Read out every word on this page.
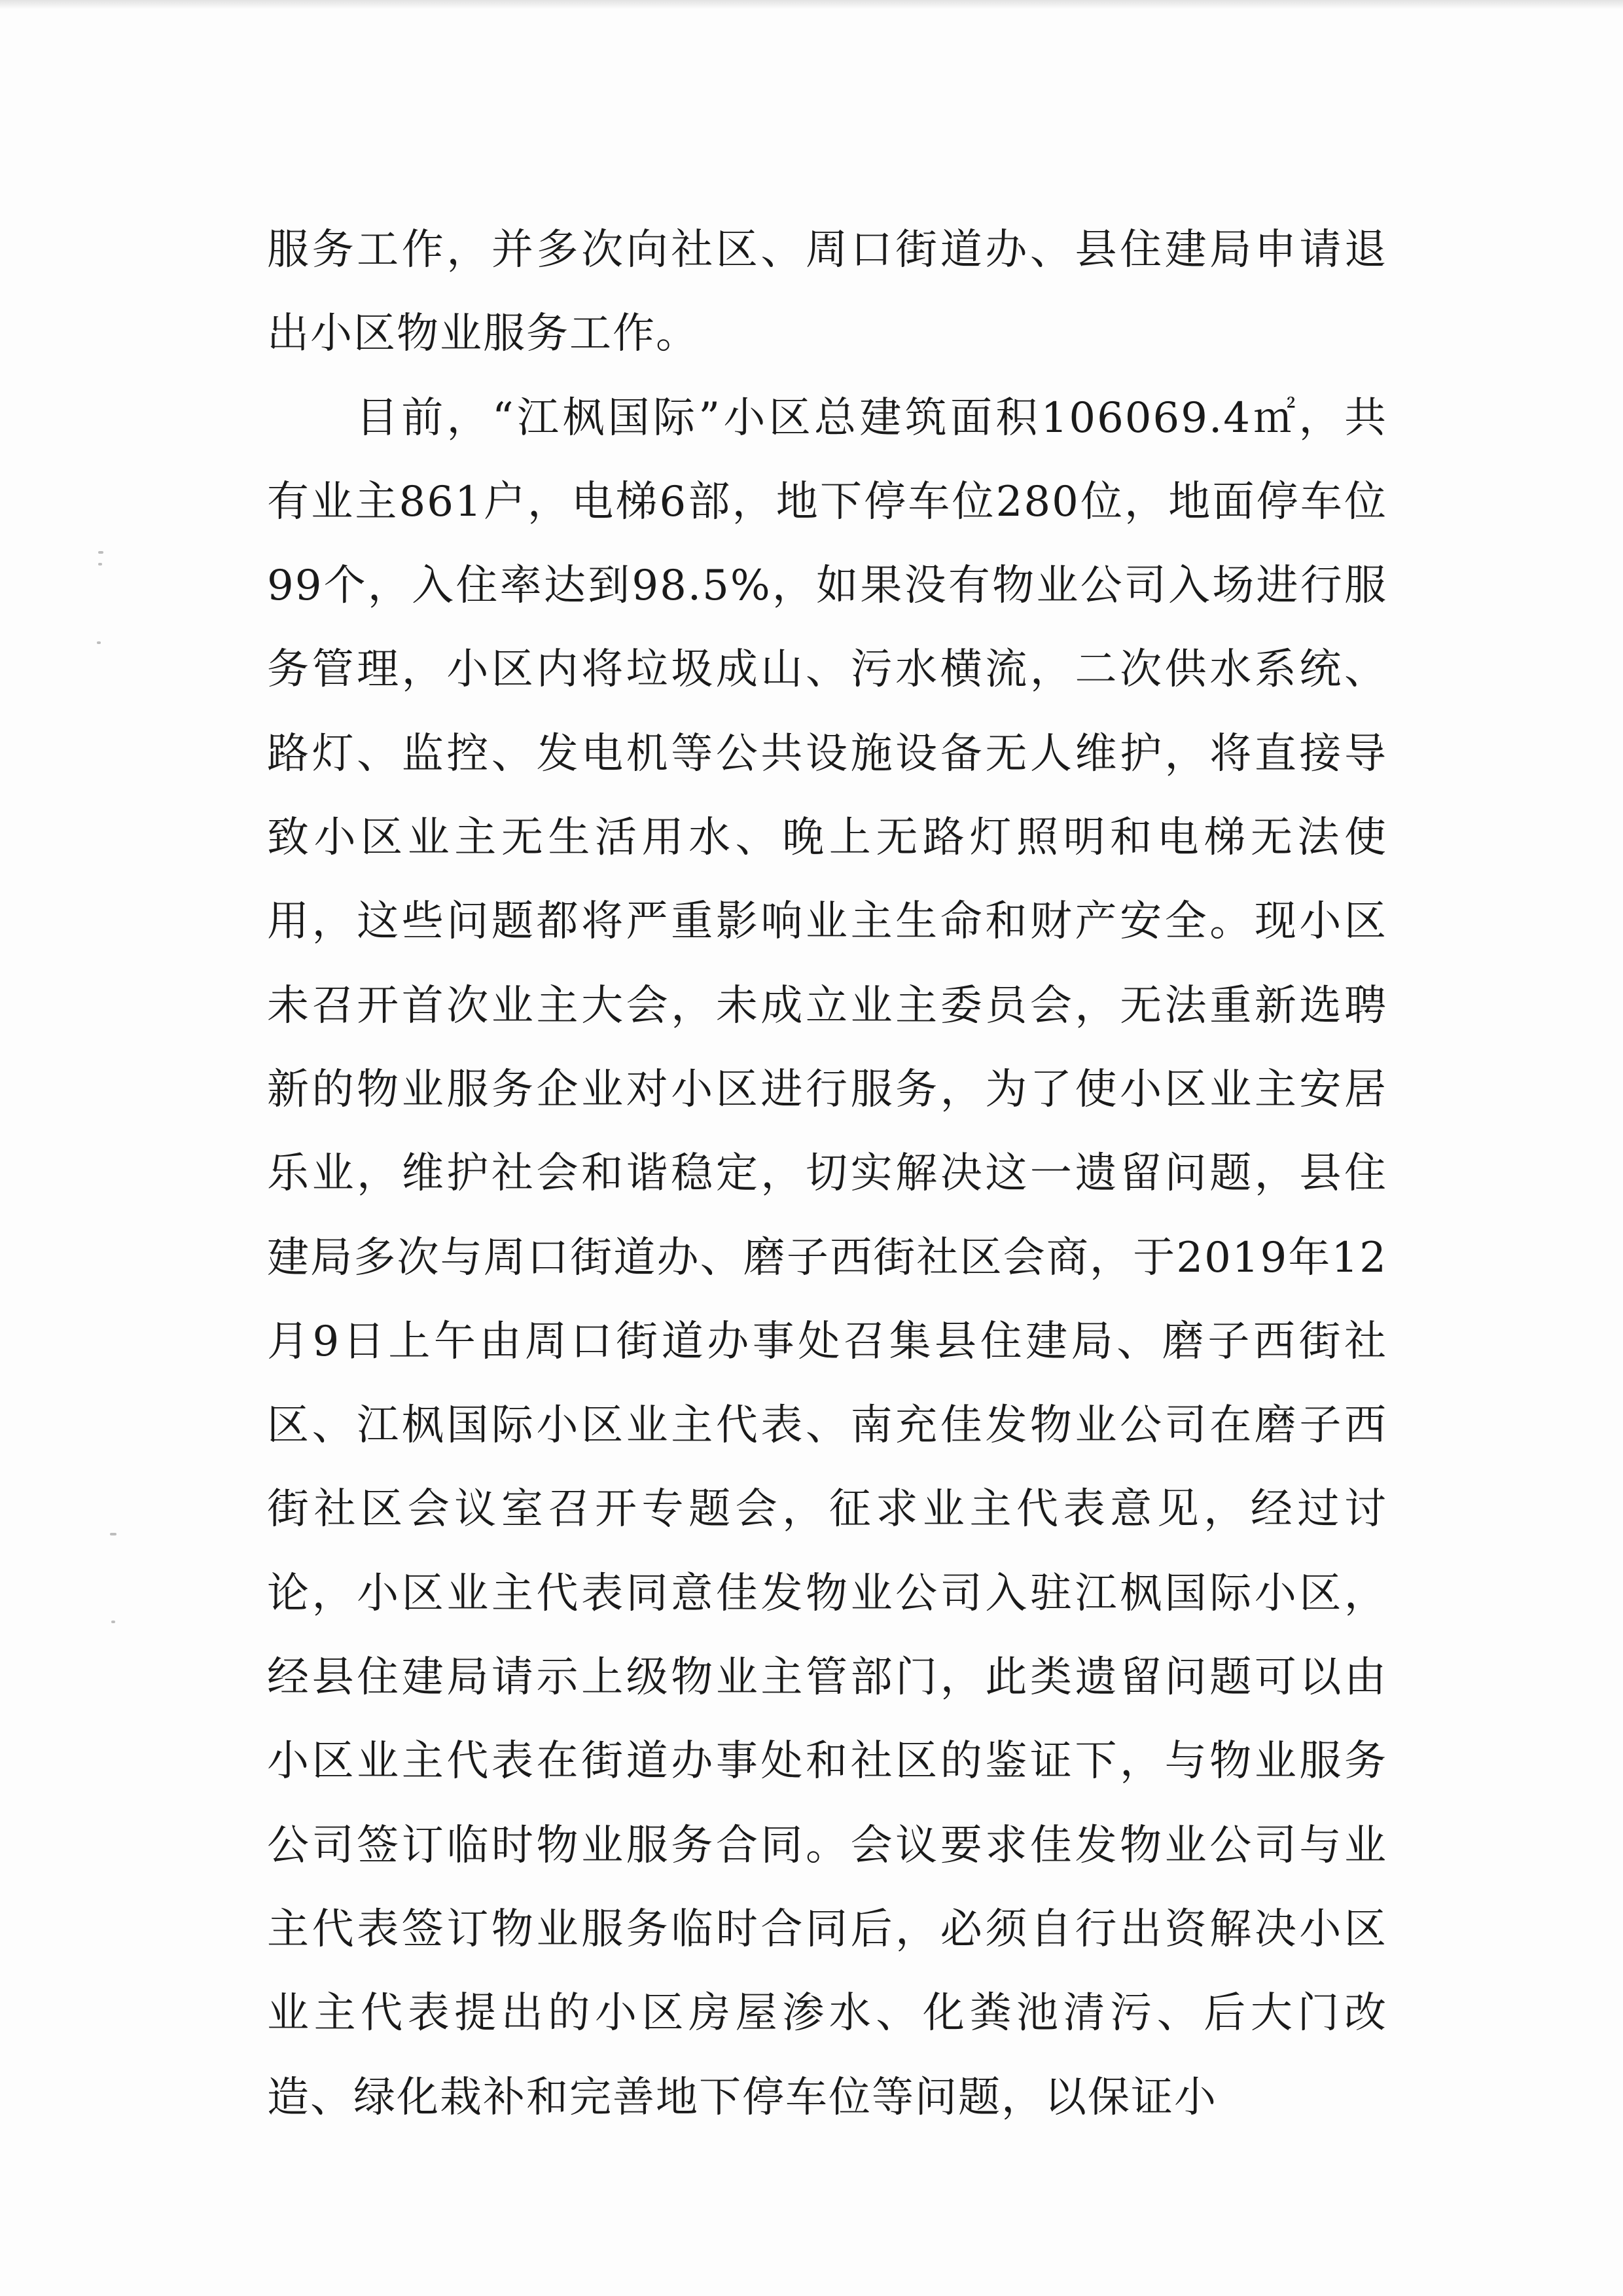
服务工作，并多次向社区、周口街道办、县住建局申请退出小区物业服务工作。

目前，“江枫国际”小区总建筑面积106069.4㎡，共有业主861户，电梯6部，地下停车位280位，地面停车位99个，入住率达到98.5%，如果没有物业公司入场进行服务管理，小区内将垃圾成山、污水横流，二次供水系统、路灯、监控、发电机等公共设施设备无人维护，将直接导致小区业主无生活用水、晚上无路灯照明和电梯无法使用，这些问题都将严重影响业主生命和财产安全。现小区未召开首次业主大会，未成立业主委员会，无法重新选聘新的物业服务企业对小区进行服务，为了使小区业主安居乐业，维护社会和谐稳定，切实解决这一遗留问题，县住建局多次与周口街道办、磨子西街社区会商，于2019年12月9日上午由周口街道办事处召集县住建局、磨子西街社区、江枫国际小区业主代表、南充佳发物业公司在磨子西街社区会议室召开专题会，征求业主代表意见，经过讨论，小区业主代表同意佳发物业公司入驻江枫国际小区，经县住建局请示上级物业主管部门，此类遗留问题可以由小区业主代表在街道办事处和社区的鉴证下，与物业服务公司签订临时物业服务合同。会议要求佳发物业公司与业主代表签订物业服务临时合同后，必须自行出资解决小区业主代表提出的小区房屋渗水、化粪池清污、后大门改造、绿化栽补和完善地下停车位等问题，以保证小
